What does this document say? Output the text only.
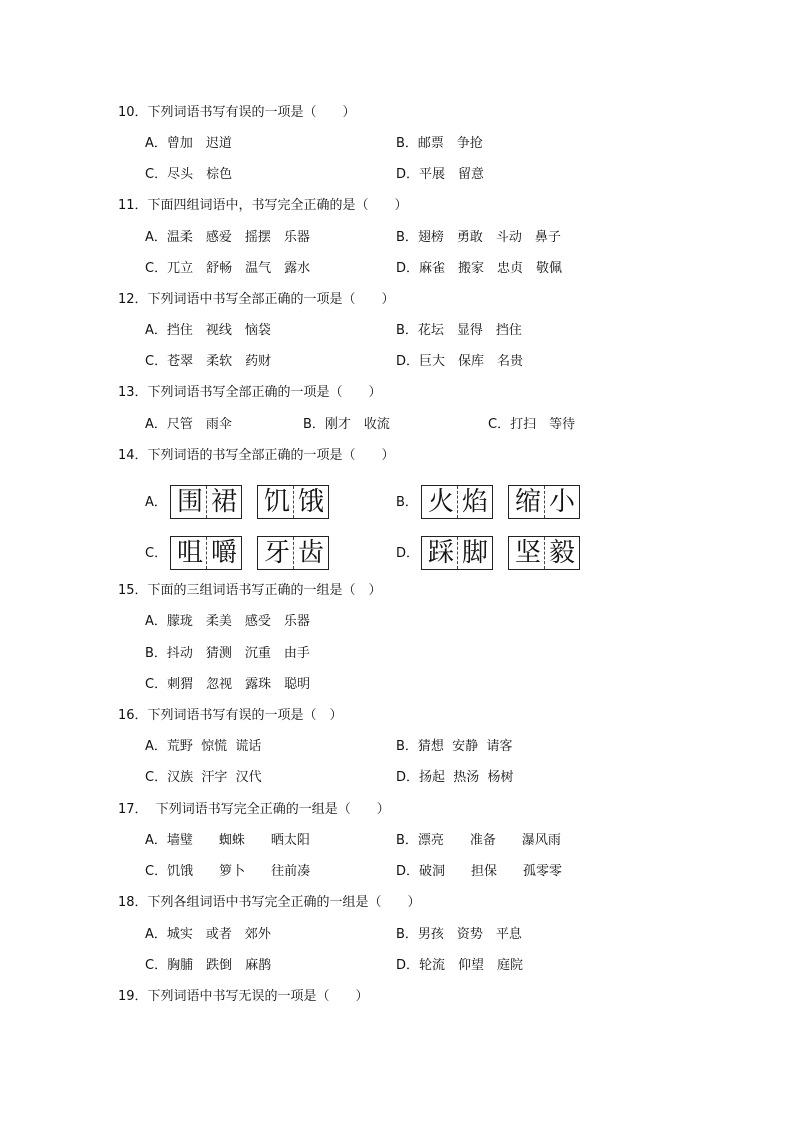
10．下列词语书写有误的一项是（　　）
A．曾加　迟道	B．邮票　争抢
C．尽头　棕色	D．平展　留意
11．下面四组词语中，书写完全正确的是（　　）
A．温柔　感爱　摇摆　乐器	B．翅榜　勇敢　斗动　鼻子
C．兀立　舒畅　温气　露水	D．麻雀　搬家　忠贞　敬佩
12．下列词语中书写全部正确的一项是（　　）
A．挡住　视线　恼袋	B．花坛　显得　挡住
C．苍翠　柔软　药财	D．巨大　保库　名贵
13．下列词语书写全部正确的一项是（　　）
A．尺管　雨伞	B．刚才　收流	C．打扫　等待
14．下列词语的书写全部正确的一项是（　　）
A． 围 裙 饥 饿	B． 火 焰 缩 小
C． 咀 嚼 牙 齿	D． 踩 脚 坚 毅
15．下面的三组词语书写正确的一组是（　）
A．朦珑　柔美　感受　乐器
B．抖动　猜测　沉重　由手
C．刺猬　忽视　露珠　聪明
16．下列词语书写有误的一项是（　）
A．荒野  惊慌  谎话	B．猜想  安静  请客
C．汉族  汗字  汉代	D．扬起  热汤  杨树
17．  下列词语书写完全正确的一组是（　　）
A．墙璧　　蜘蛛　　晒太阳	B．漂亮　　准备　　瀑风雨
C．饥饿　　箩卜　　往前凑	D．破洞　　担保　　孤零零
18．下列各组词语中书写完全正确的一组是（　　）
A．城实　或者　郊外	B．男孩　资势　平息
C．胸脯　跌倒　麻鹊	D．轮流　仰望　庭院
19．下列词语中书写无误的一项是（　　）
